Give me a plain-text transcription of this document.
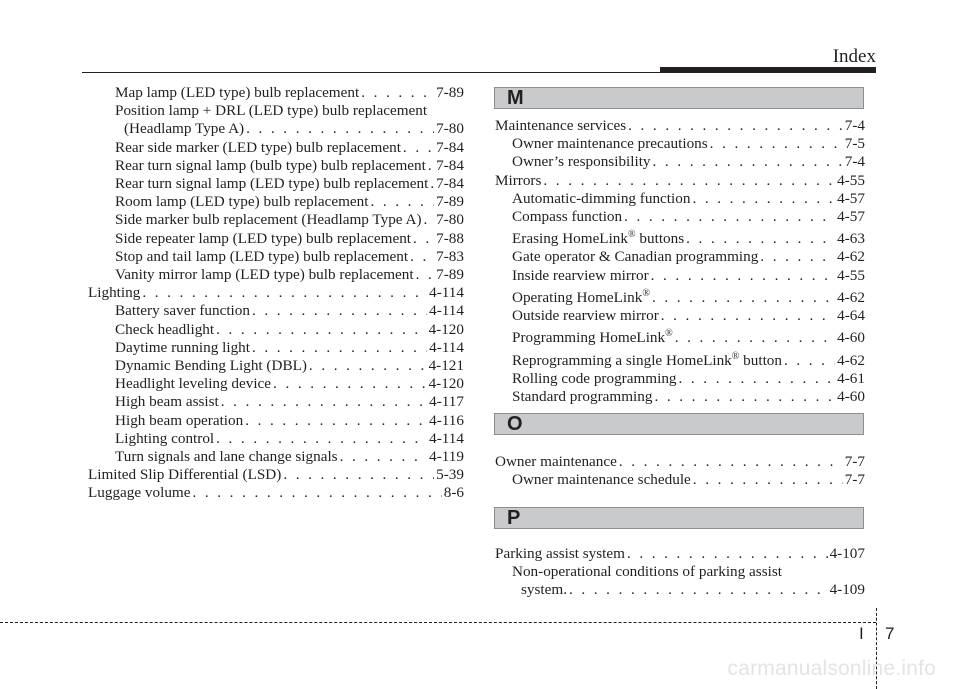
Index
Map lamp (LED type) bulb replacement . . .	7-89
Position lamp + DRL (LED type) bulb replacement
(Headlamp Type A) . . .	7-80
Rear side marker (LED type) bulb replacement . . . 7-84
Rear turn signal lamp (bulb type) bulb replacement . . . 7-84
Rear turn signal lamp (LED type) bulb replacement . . . 7-84
Room lamp (LED type) bulb replacement . . .	7-89
Side marker bulb replacement (Headlamp Type A) . . . 7-80
Side repeater lamp (LED type) bulb replacement . . . 7-88
Stop and tail lamp (LED type) bulb replacement . . . 7-83
Vanity mirror lamp (LED type) bulb replacement . . . 7-89
Lighting . . .	4-114
Battery saver function . . .	4-114
Check headlight . . .	4-120
Daytime running light . . .	4-114
Dynamic Bending Light (DBL) . . .	4-121
Headlight leveling device . . .	4-120
High beam assist . . .	4-117
High beam operation . . .	4-116
Lighting control . . .	4-114
Turn signals and lane change signals . . .	4-119
Limited Slip Differential (LSD) . . .	5-39
Luggage volume . . .	8-6
M
Maintenance services . . .	7-4
Owner maintenance precautions . . .	7-5
Owner’s responsibility . . .	7-4
Mirrors . . .	4-55
Automatic-dimming function . . .	4-57
Compass function . . .	4-57
Erasing HomeLink® buttons . . .	4-63
Gate operator & Canadian programming . . .	4-62
Inside rearview mirror . . .	4-55
Operating HomeLink® . . .	4-62
Outside rearview mirror . . .	4-64
Programming HomeLink® . . .	4-60
Reprogramming a single HomeLink® button . . .	4-62
Rolling code programming . . .	4-61
Standard programming . . .	4-60
O
Owner maintenance . . .	7-7
Owner maintenance schedule . . .	7-7
P
Parking assist system . . .	4-107
Non-operational conditions of parking assist
system. . . .	4-109
I 7
carmanualsonline.info
